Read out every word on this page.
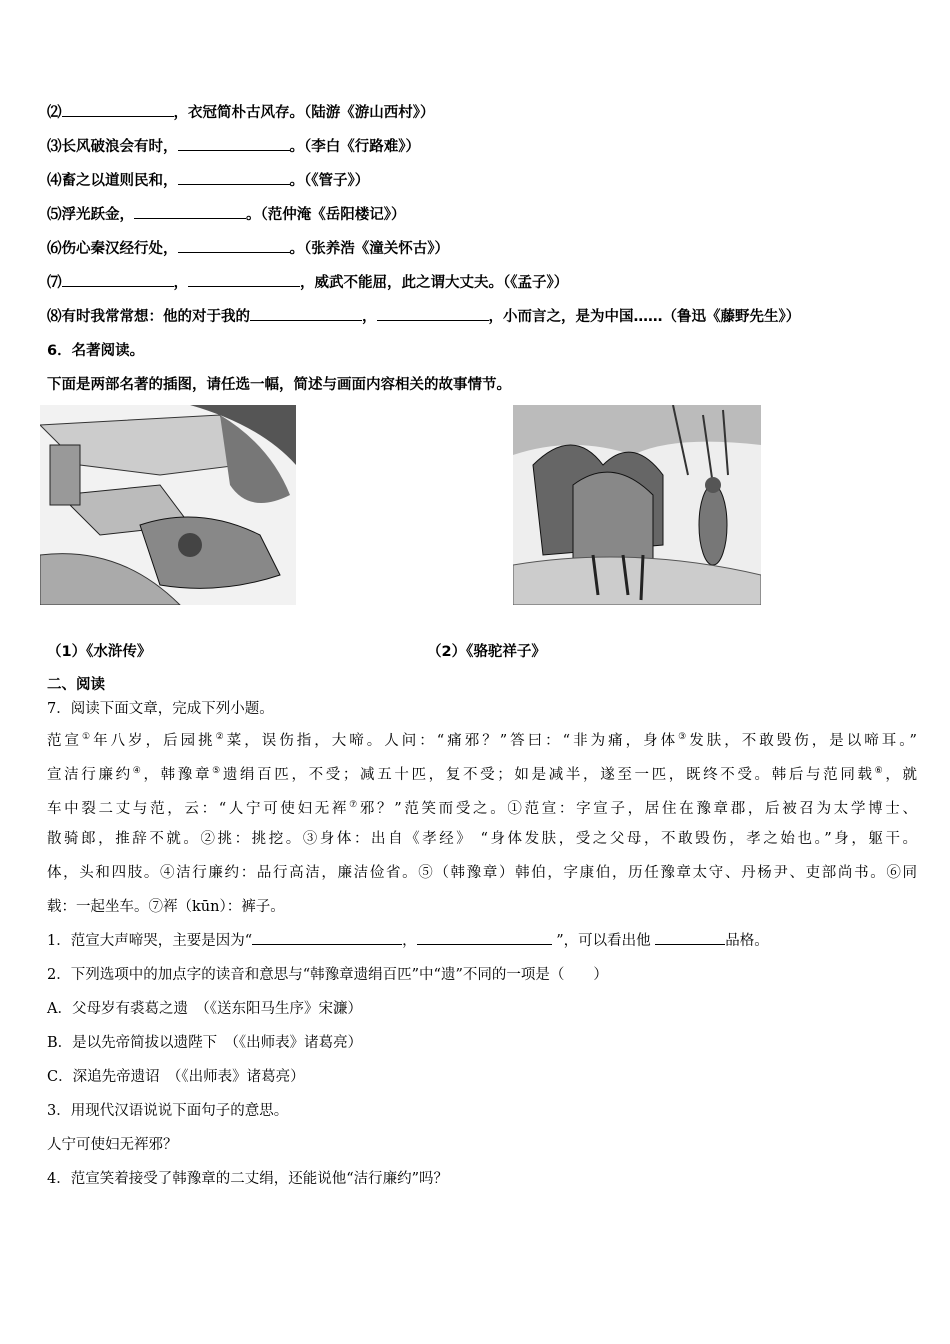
⑵	，衣冠简朴古风存。（陆游《游山西村》）
⑶长风破浪会有时，	。（李白《行路难》）
⑷畜之以道则民和，	。（《管子》）
⑸浮光跃金，	。（范仲淹《岳阳楼记》）
⑹伤心秦汉经行处，	。（张养浩《潼关怀古》）
⑺	，	，威武不能屈，此之谓大丈夫。（《孟子》）
⑻有时我常常想：他的对于我的	，	，小而言之，是为中国……（鲁迅《藤野先生》）
6．名著阅读。
下面是两部名著的插图，请任选一幅，简述与画面内容相关的故事情节。
（1）《水浒传》	（2）《骆驼祥子》
二、阅读
7．阅读下面文章，完成下列小题。
范宣①年八岁，后园挑②菜，误伤指，大啼。人问：“痛邪？”答曰：“非为痛，身体③发肤，不敢毁伤，是以啼耳。”
宣洁行廉约④，韩豫章⑤遗绢百匹，不受；减五十匹，复不受；如是减半，遂至一匹，既终不受。韩后与范同载⑥，就
车中裂二丈与范，云：“人宁可使妇无裈⑦邪？”范笑而受之。①范宣：字宣子，居住在豫章郡，后被召为太学博士、
散骑郎，推辞不就。②挑：挑挖。③身体：出自《孝经》 “身体发肤，受之父母，不敢毁伤，孝之始也。”身，躯干。
体，头和四肢。④洁行廉约：品行高洁，廉洁俭省。⑤（韩豫章）韩伯，字康伯，历任豫章太守、丹杨尹、吏部尚书。⑥同
载：一起坐车。⑦裈（kūn）：裤子。
1．范宣大声啼哭，主要是因为“	，	”，可以看出他	品格。
2．下列选项中的加点字的读音和意思与“韩豫章遗绢百匹”中“遗”不同的一项是（　　）
A．父母岁有裘葛之遗　（《送东阳马生序》宋濂）
B．是以先帝简拔以遗陛下　（《出师表》诸葛亮）
C．深追先帝遗诏　（《出师表》诸葛亮）
3．用现代汉语说说下面句子的意思。
人宁可使妇无裈邪？
4．范宣笑着接受了韩豫章的二丈绢，还能说他“洁行廉约”吗？
